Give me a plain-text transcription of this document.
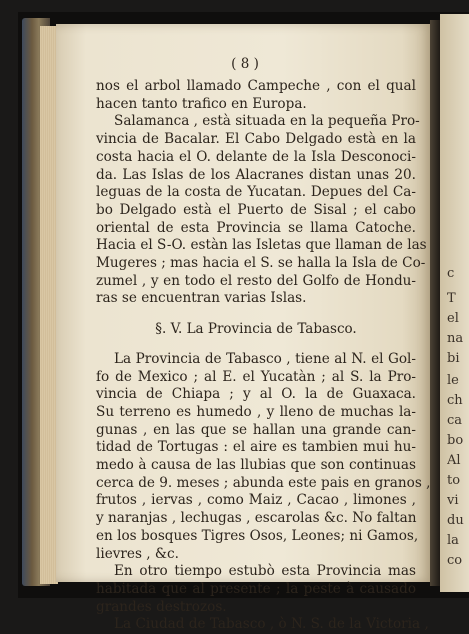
( 8 )
nos el arbol llamado Campeche , con el qual
hacen tanto trafico en Europa.
Salamanca , està situada en la pequeña Pro-
vincia de Bacalar. El Cabo Delgado està en la
costa hacia el O. delante de la Isla Desconoci-
da. Las Islas de los Alacranes distan unas 20.
leguas de la costa de Yucatan. Depues del Ca-
bo Delgado està el Puerto de Sisal ; el cabo
oriental de esta Provincia se llama Catoche.
Hacia el S-O. estàn las Isletas que llaman de las
Mugeres ; mas hacia el S. se halla la Isla de Co-
zumel , y en todo el resto del Golfo de Hondu-
ras se encuentran varias Islas.
§. V. La Provincia de Tabasco.
La Provincia de Tabasco , tiene al N. el Gol-
fo de Mexico ; al E. el Yucatàn ; al S. la Pro-
vincia de Chiapa ; y al O. la de Guaxaca.
Su terreno es humedo , y lleno de muchas la-
gunas , en las que se hallan una grande can-
tidad de Tortugas : el aire es tambien mui hu-
medo à causa de las llubias que son continuas
cerca de 9. meses ; abunda este pais en granos ,
frutos , iervas , como Maiz , Cacao , limones ,
y naranjas , lechugas , escarolas &c. No faltan
en los bosques Tigres Osos, Leones; ni Gamos,
lievres , &c.
En otro tiempo estubò esta Provincia mas
habitada que al presente ; la peste à causado
grandes destrozos.
La Ciudad de Tabasco , ò N. S. de la Victoria ,
c
T
el
na
bi
le
ch
ca
bo
Al
to
vi
du
la
co
